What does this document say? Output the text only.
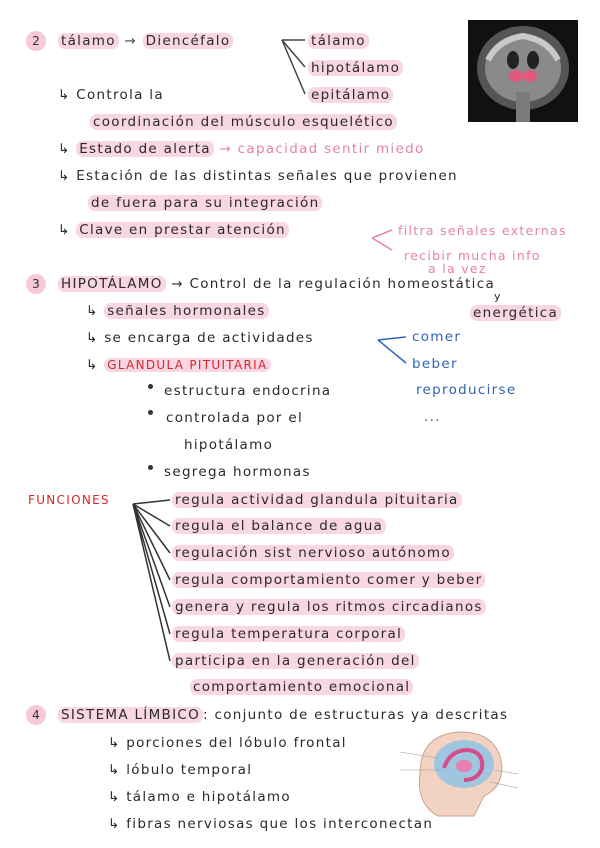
2	tálamo → Diencéfalo	tálamo
hipotálamo
epitálamo
↳ Controla la
coordinación del músculo esquelético
↳ Estado de alerta → capacidad sentir miedo
↳ Estación de las distintas señales que provienen
de fuera para su integración
↳ Clave en prestar atención	filtra señales externas
recibir mucha info
a la vez
3	HIPOTÁLAMO → Control de la regulación homeostática
y
energética
↳ señales hormonales
↳ se encarga de actividades
↳ GLANDULA PITUITARIA
comer
beber
reproducirse
...
estructura endocrina
controlada por el
hipotálamo
segrega hormonas
FUNCIONES	regula actividad glandula pituitaria
regula el balance de agua
regulación sist nervioso autónomo
regula comportamiento comer y beber
genera y regula los ritmos circadianos
regula temperatura corporal
participa en la generación del
comportamiento emocional
4	SISTEMA LÍMBICO : conjunto de estructuras ya descritas
↳ porciones del lóbulo frontal
↳ lóbulo temporal
↳ tálamo e hipotálamo
↳ fibras nerviosas que los interconectan
